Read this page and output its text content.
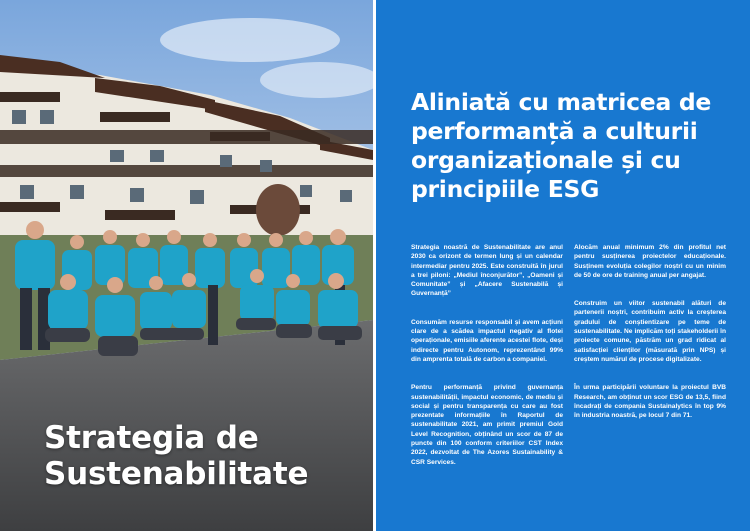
Strategia de
Sustenabilitate
Aliniată cu matricea de
performanță a culturii
organizaționale și cu
principiile ESG

Strategia noastră de Sustenabilitate are anul 2030 ca orizont de termen lung și un calendar intermediar pentru 2025. Este construită în jurul a trei piloni: „Mediul înconjurător”, „Oameni și Comunitate” și „Afacere Sustenabilă și Guvernanță”

Consumăm resurse responsabil și avem acțiuni clare de a scădea impactul negativ al flotei operaționale, emisiile aferente acestei flote, deși indirecte pentru Autonom, reprezentând 99% din amprenta totală de carbon a companiei.

Pentru performanță privind guvernanța sustenabilității, impactul economic, de mediu și social și pentru transparența cu care au fost prezentate informațiile în Raportul de sustenabilitate 2021, am primit premiul Gold Level Recognition, obținând un scor de 87 de puncte din 100 conform criteriilor CST Index 2022, dezvoltat de The Azores Sustainability & CSR Services.

Alocăm anual minimum 2% din profitul net pentru susținerea proiectelor educaționale. Susținem evoluția colegilor noștri cu un minim de 50 de ore de training anual per angajat.

Construim un viitor sustenabil alături de partenerii noștri, contribuim activ la creșterea gradului de conștientizare pe teme de sustenabilitate. Ne implicăm toți stakeholderii în proiecte comune, păstrăm un grad ridicat al satisfacției clienților (măsurată prin NPS) și creștem numărul de procese digitalizate.

În urma participării voluntare la proiectul BVB Research, am obținut un scor ESG de 13,5, fiind încadrați de compania Sustainalytics în top 9% în industria noastră, pe locul 7 din 71.
